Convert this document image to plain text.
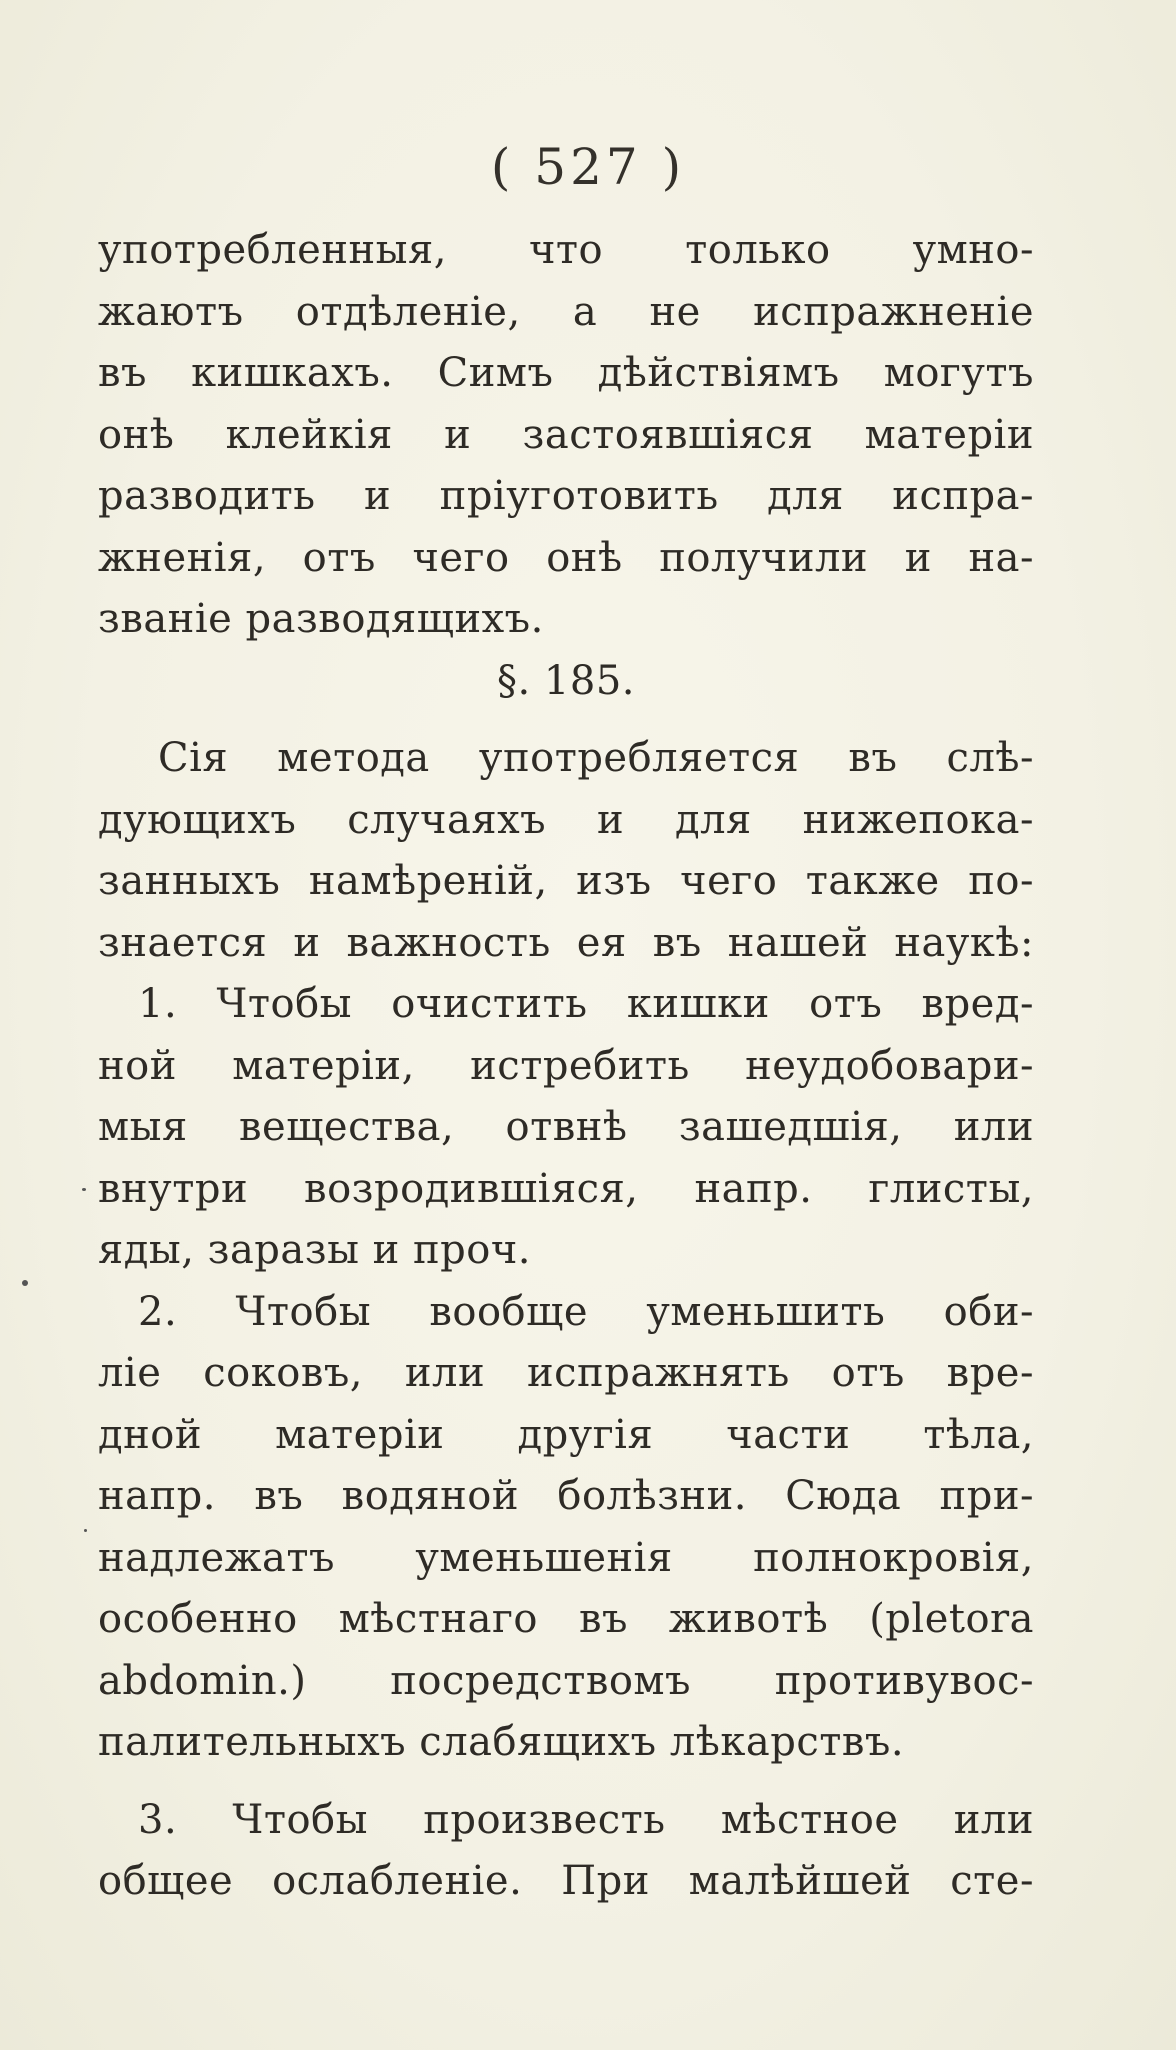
( 527 )
употребленныя, что только умно-
жаютъ отдѣленіе, а не испражненіе
въ кишкахъ. Симъ дѣйствіямъ могутъ
онѣ клейкія и застоявшіяся матеріи
разводить и пріуготовить для испра-
жненія, отъ чего онѣ получили и на-
званіе разводящихъ.
§. 185.
Сія метода употребляется въ слѣ-
дующихъ случаяхъ и для нижепока-
занныхъ намѣреній, изъ чего также по-
знается и важность ея въ нашей наукѣ:
1. Чтобы очистить кишки отъ вред-
ной матеріи, истребить неудобовари-
мыя вещества, отвнѣ зашедшія, или
внутри возродившіяся, напр. глисты,
яды, заразы и проч.
2. Чтобы вообще уменьшить оби-
ліе соковъ, или испражнять отъ вре-
дной матеріи другія части тѣла,
напр. въ водяной болѣзни. Сюда при-
надлежатъ уменьшенія полнокровія,
особенно мѣстнаго въ животѣ (pletora
abdomin.) посредствомъ противувос-
палительныхъ слабящихъ лѣкарствъ.
3. Чтобы произвесть мѣстное или
общее ослабленіе. При малѣйшей сте-
